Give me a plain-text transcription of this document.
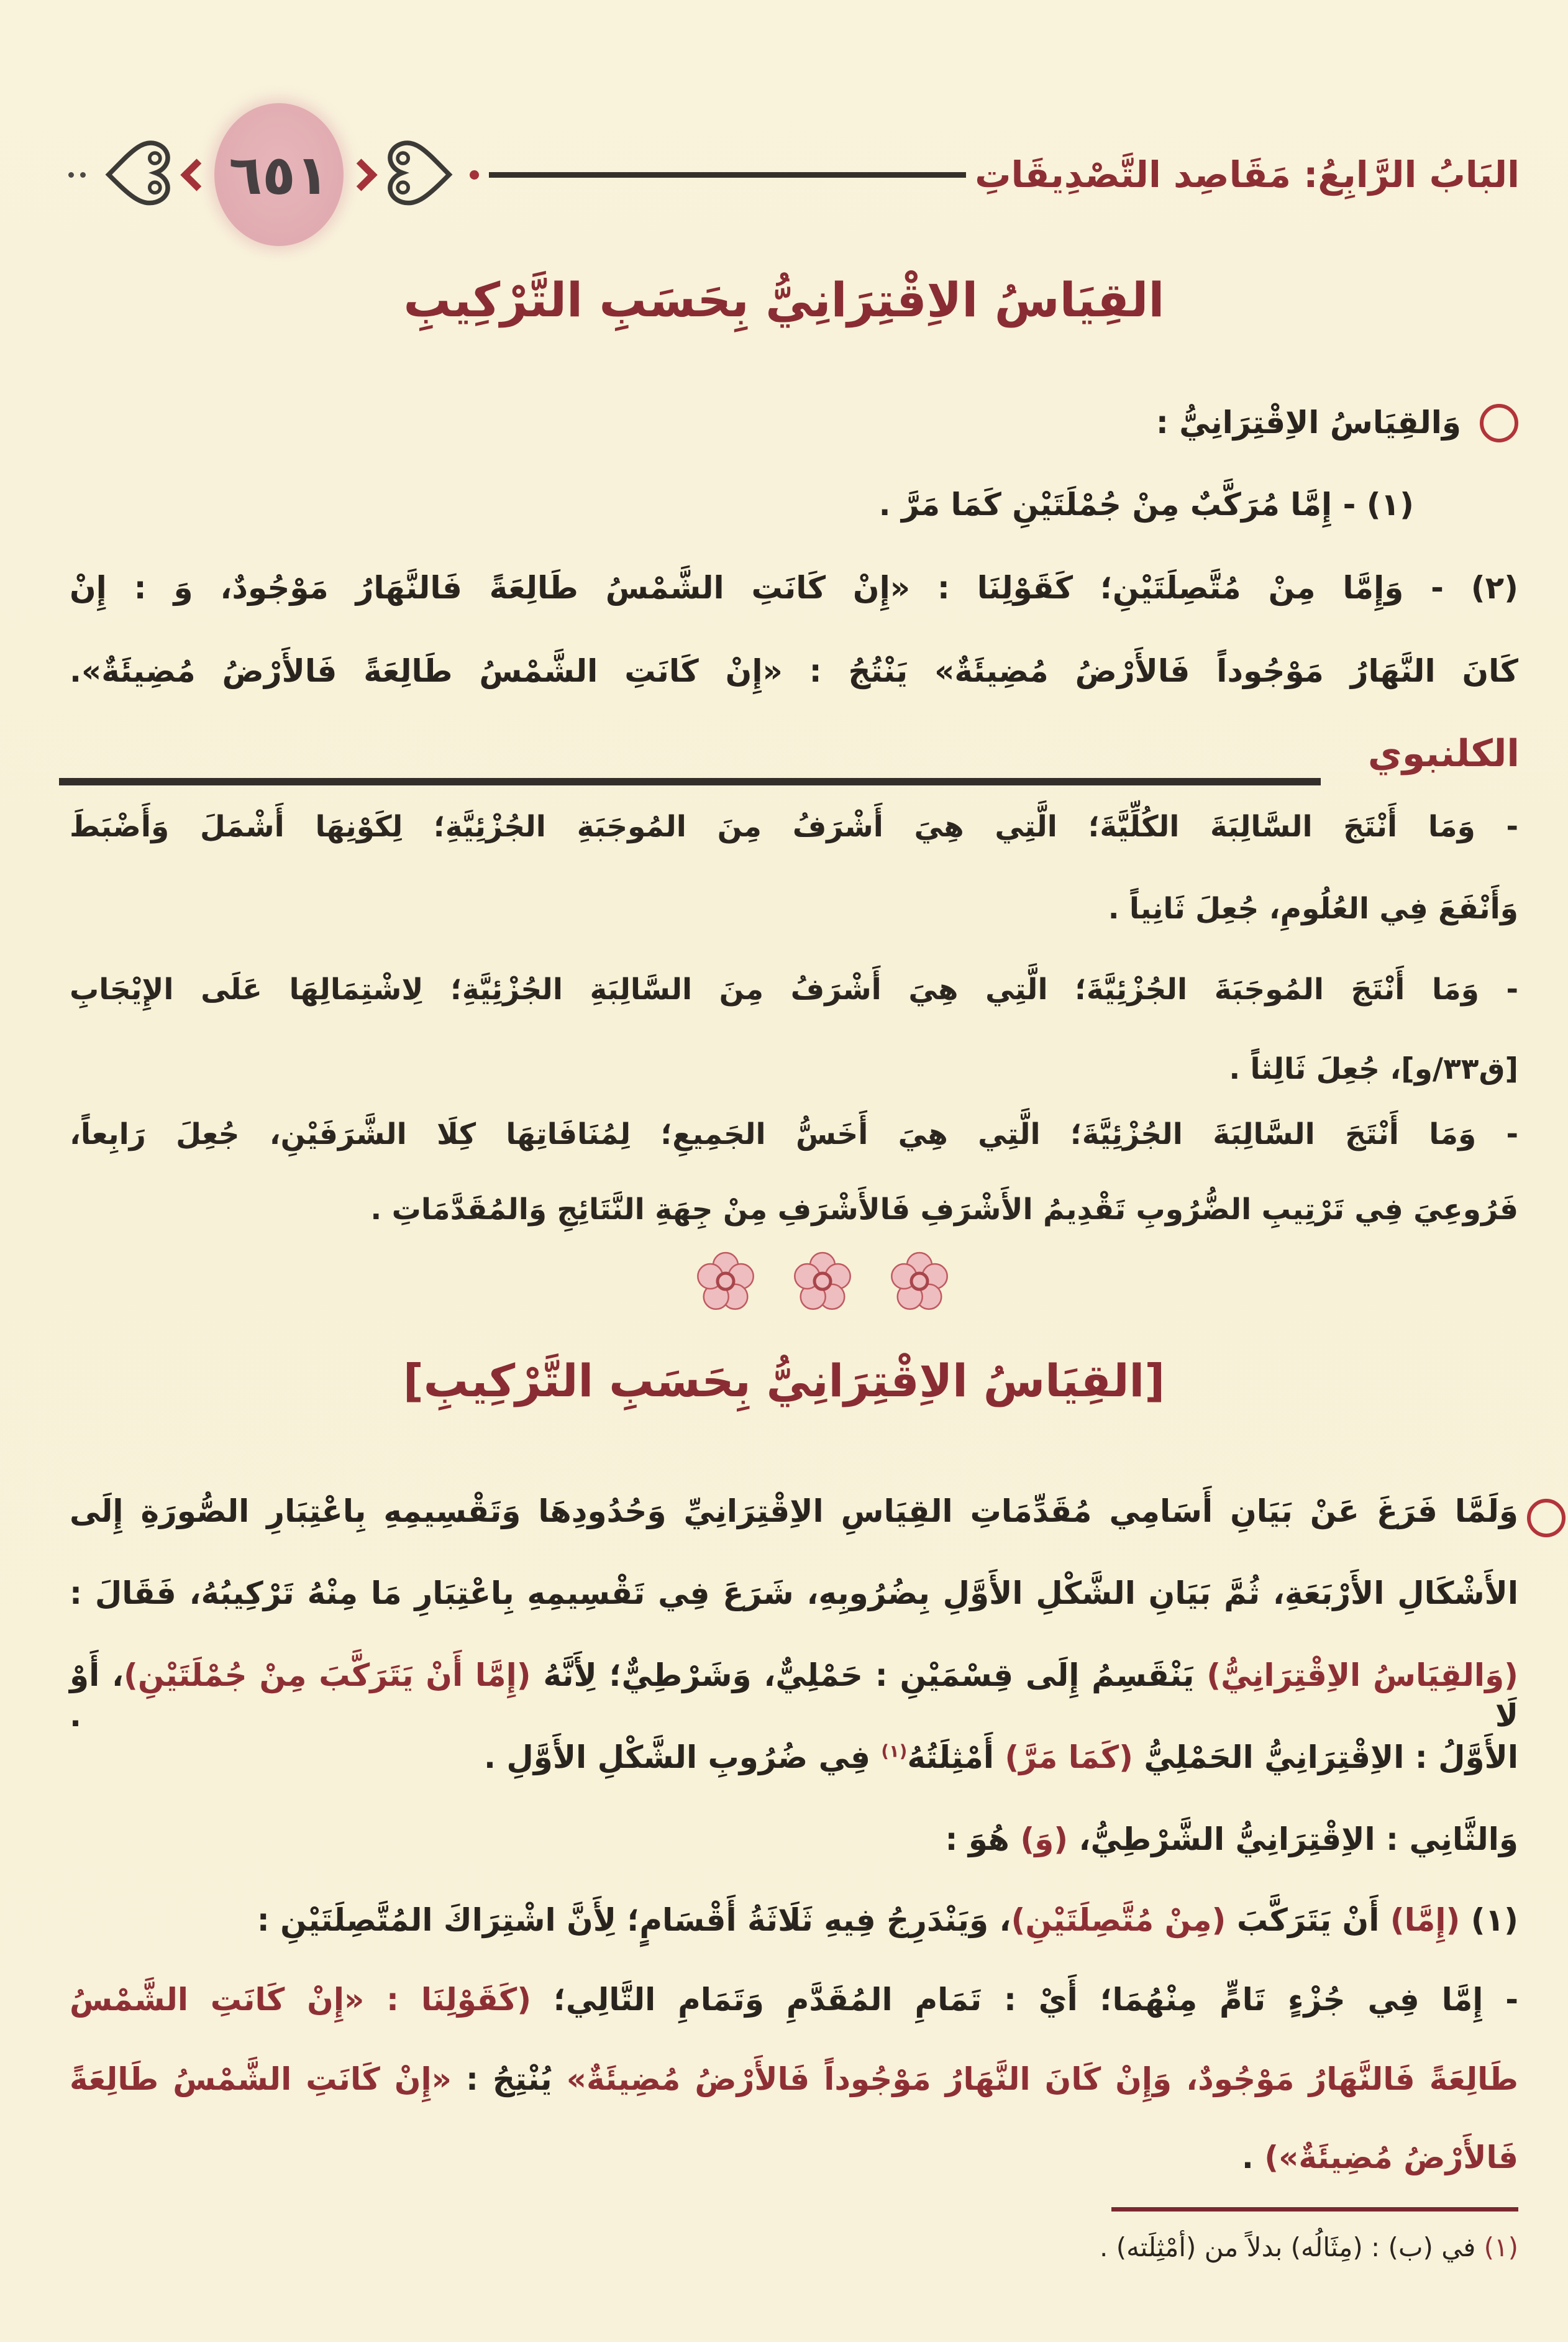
٦٥١	البَابُ الرَّابِعُ: مَقَاصِد التَّصْدِيقَاتِ
القِيَاسُ الاِقْتِرَانِيُّ بِحَسَبِ التَّرْكِيبِ
وَالقِيَاسُ الاِقْتِرَانِيُّ :
(١) - إِمَّا مُرَكَّبٌ مِنْ جُمْلَتَيْنِ كَمَا مَرَّ .
(٢) - وَإِمَّا مِنْ مُتَّصِلَتَيْنِ؛ كَقَوْلِنَا : «إِنْ كَانَتِ الشَّمْسُ طَالِعَةً فَالنَّهَارُ مَوْجُودٌ، وَ : إِنْ
كَانَ النَّهَارُ مَوْجُوداً فَالأَرْضُ مُضِيئَةٌ» يَنْتُجُ : «إِنْ كَانَتِ الشَّمْسُ طَالِعَةً فَالأَرْضُ مُضِيئَةٌ».
الكلنبوي
- وَمَا أَنْتَجَ السَّالِبَةَ الكُلِّيَّةَ؛ الَّتِي هِيَ أَشْرَفُ مِنَ المُوجَبَةِ الجُزْئِيَّةِ؛ لِكَوْنِهَا أَشْمَلَ وَأَضْبَطَ
وَأَنْفَعَ فِي العُلُومِ، جُعِلَ ثَانِياً .
- وَمَا أَنْتَجَ المُوجَبَةَ الجُزْئِيَّةَ؛ الَّتِي هِيَ أَشْرَفُ مِنَ السَّالِبَةِ الجُزْئِيَّةِ؛ لِاشْتِمَالِهَا عَلَى الإِيْجَابِ
[ق٣٣/و]، جُعِلَ ثَالِثاً .
- وَمَا أَنْتَجَ السَّالِبَةَ الجُزْئِيَّةَ؛ الَّتِي هِيَ أَخَسُّ الجَمِيعِ؛ لِمُنَافَاتِهَا كِلَا الشَّرَفَيْنِ، جُعِلَ رَابِعاً،
فَرُوعِيَ فِي تَرْتِيبِ الضُّرُوبِ تَقْدِيمُ الأَشْرَفِ فَالأَشْرَفِ مِنْ جِهَةِ النَّتَائِجِ وَالمُقَدَّمَاتِ .
[القِيَاسُ الاِقْتِرَانِيُّ بِحَسَبِ التَّرْكِيبِ]
وَلَمَّا فَرَغَ عَنْ بَيَانِ أَسَامِي مُقَدِّمَاتِ القِيَاسِ الاِقْتِرَانِيِّ وَحُدُودِهَا وَتَقْسِيمِهِ بِاعْتِبَارِ الصُّورَةِ إِلَى
الأَشْكَالِ الأَرْبَعَةِ، ثُمَّ بَيَانِ الشَّكْلِ الأَوَّلِ بِضُرُوبِهِ، شَرَعَ فِي تَقْسِيمِهِ بِاعْتِبَارِ مَا مِنْهُ تَرْكِيبُهُ، فَقَالَ :
(وَالقِيَاسُ الاِقْتِرَانِيُّ) يَنْقَسِمُ إِلَى قِسْمَيْنِ : حَمْلِيٌّ، وَشَرْطِيٌّ؛ لِأَنَّهُ (إِمَّا أَنْ يَتَرَكَّبَ مِنْ جُمْلَتَيْنِ)، أَوْ لَا .
الأَوَّلُ : الاِقْتِرَانِيُّ الحَمْلِيُّ (كَمَا مَرَّ) أَمْثِلَتُهُ$^{(١)}$ فِي ضُرُوبِ الشَّكْلِ الأَوَّلِ .
وَالثَّانِي : الاِقْتِرَانِيُّ الشَّرْطِيُّ، (وَ) هُوَ :
(١) (إِمَّا) أَنْ يَتَرَكَّبَ (مِنْ مُتَّصِلَتَيْنِ)، وَيَنْدَرِجُ فِيهِ ثَلَاثَةُ أَقْسَامٍ؛ لِأَنَّ اشْتِرَاكَ المُتَّصِلَتَيْنِ :
- إِمَّا فِي جُزْءٍ تَامٍّ مِنْهُمَا؛ أَيْ : تَمَامِ المُقَدَّمِ وَتَمَامِ التَّالِي؛ (كَقَوْلِنَا : «إِنْ كَانَتِ الشَّمْسُ
طَالِعَةً فَالنَّهَارُ مَوْجُودٌ، وَإِنْ كَانَ النَّهَارُ مَوْجُوداً فَالأَرْضُ مُضِيئَةٌ» يُنْتِجُ : «إِنْ كَانَتِ الشَّمْسُ طَالِعَةً
فَالأَرْضُ مُضِيئَةٌ») .
(١) في (ب) : (مِثَالُه) بدلاً من (أمْثِلَته) .
